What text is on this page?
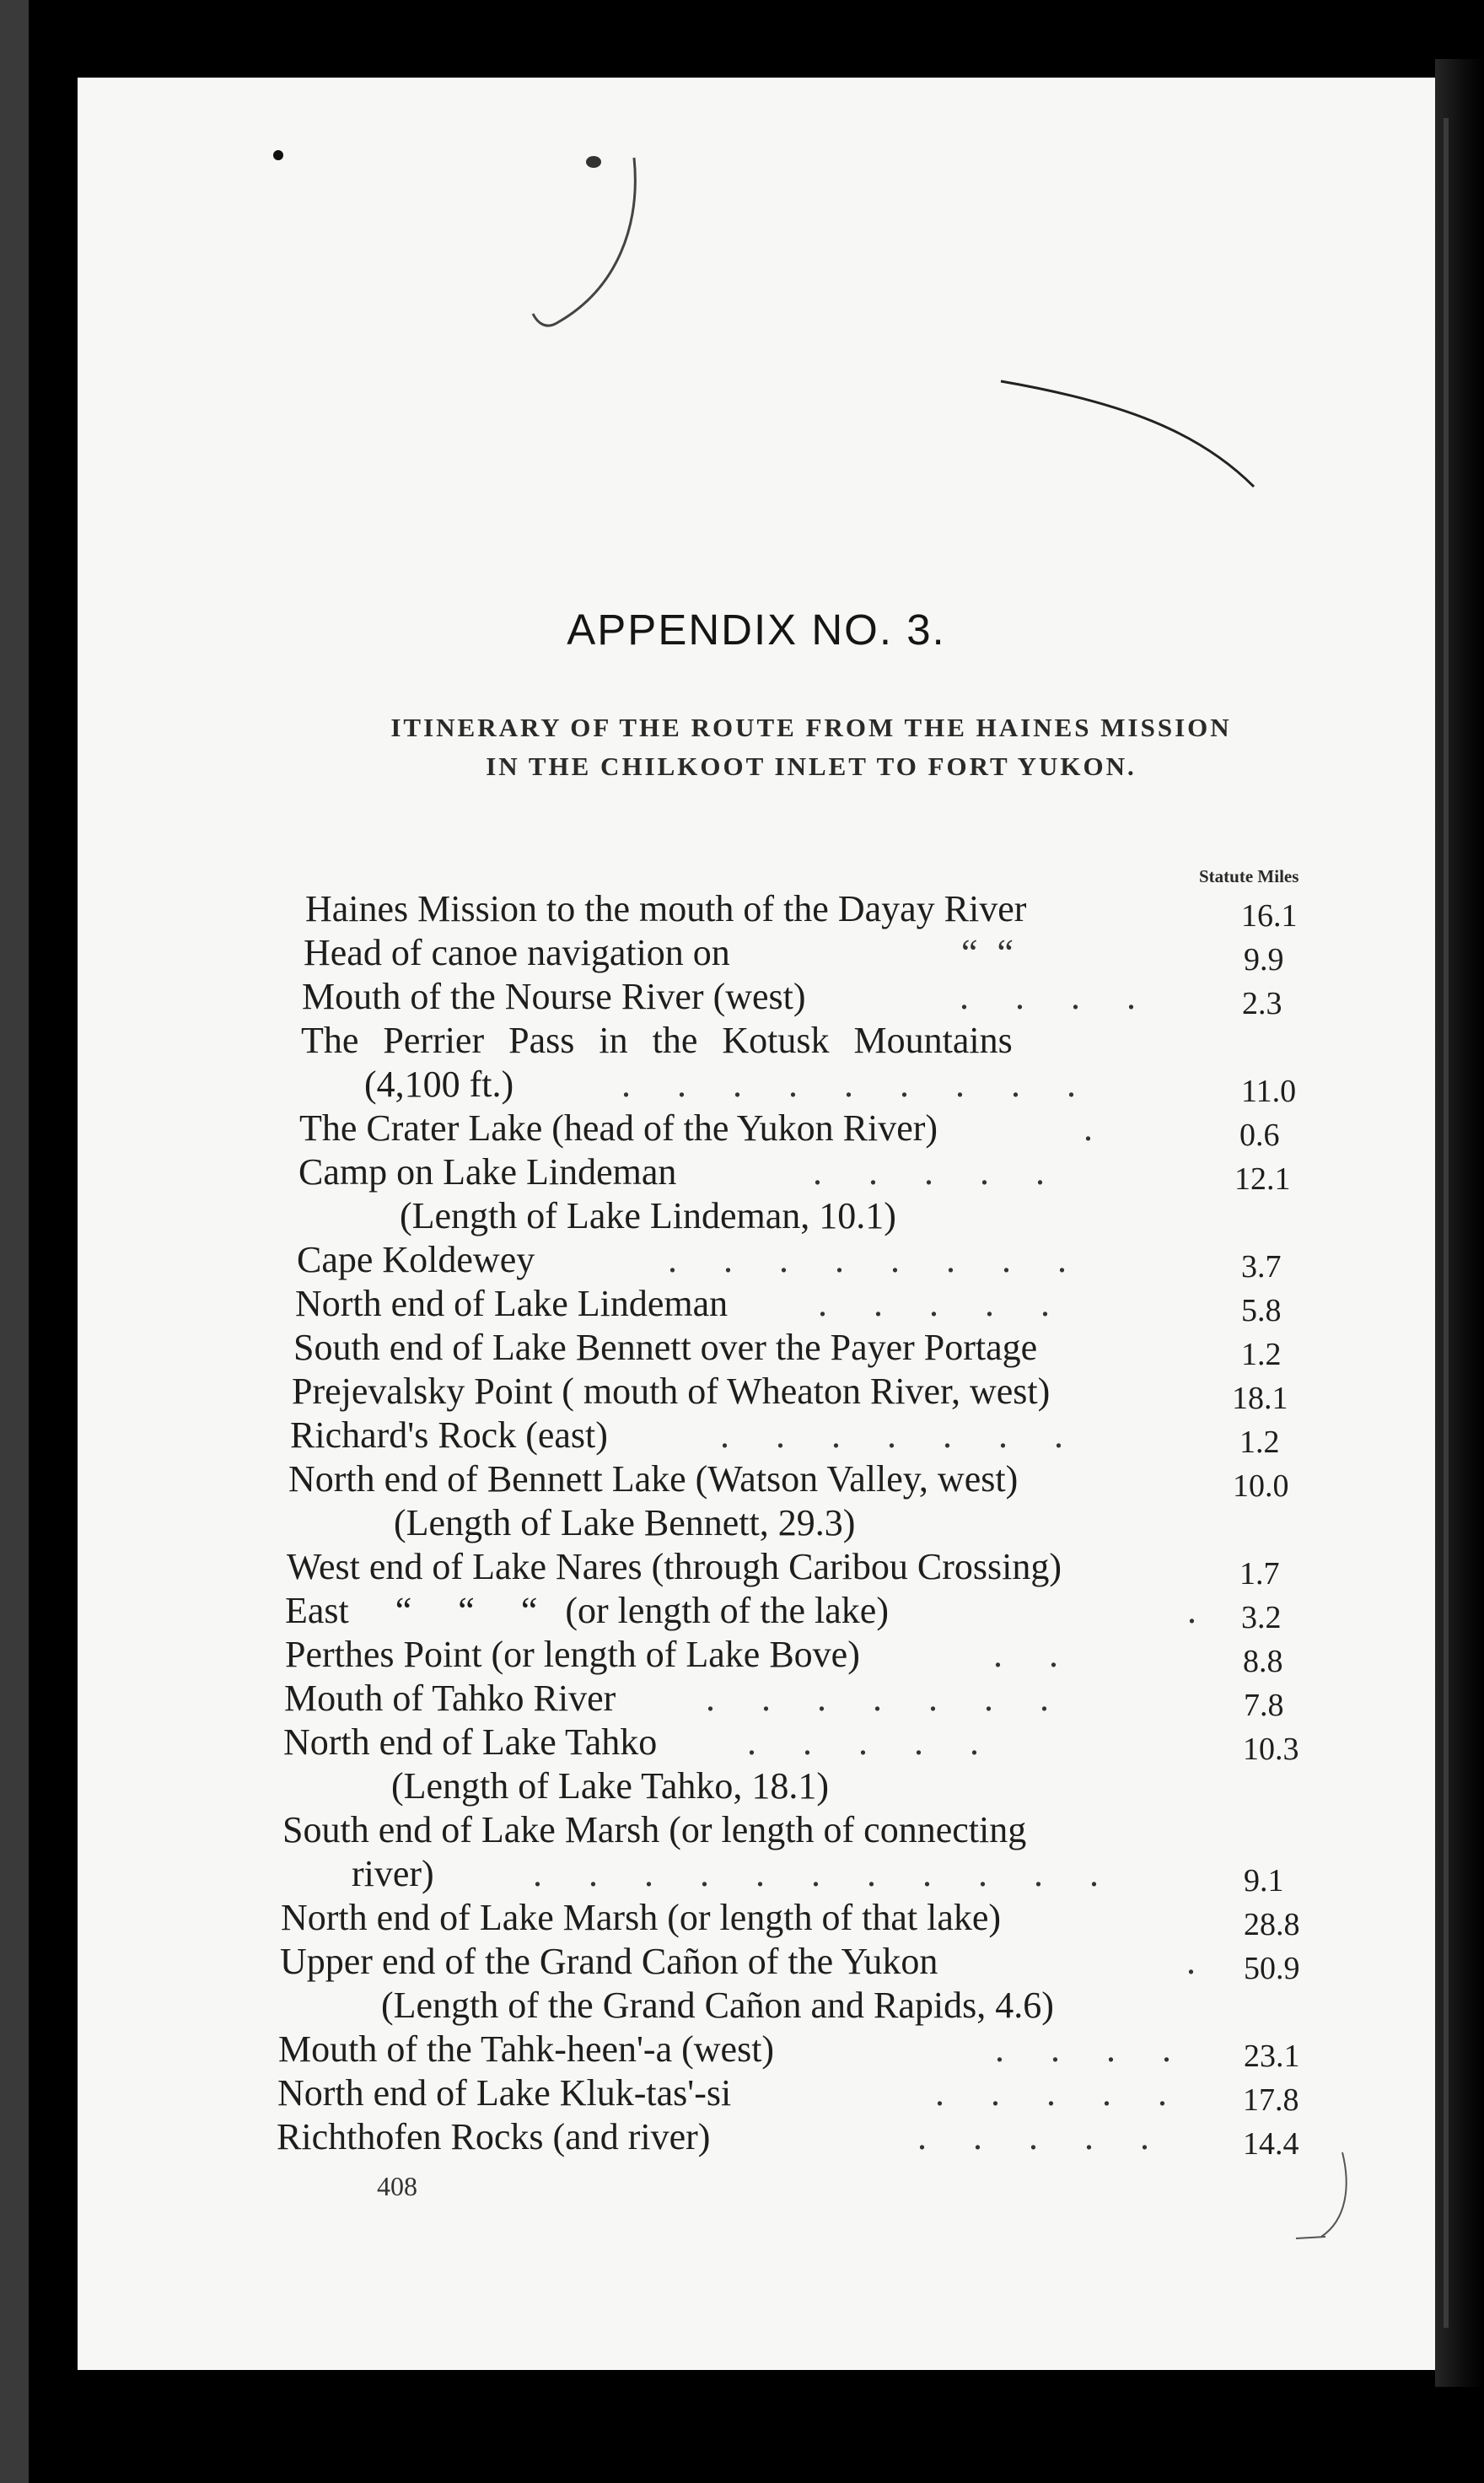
APPENDIX NO. 3.
ITINERARY OF THE ROUTE FROM THE HAINES MISSION
IN THE CHILKOOT INLET TO FORT YUKON.
Statute Miles
Haines Mission to the mouth of the Dayay River	16.1
Head of canoe navigation on	“ “	9.9
Mouth of the Nourse River (west)	. . . .	2.3
The Perrier Pass in the Kotusk Mountains
(4,100 ft.)	. . . . . . . . .	11.0
The Crater Lake (head of the Yukon River)	.	0.6
Camp on Lake Lindeman	. . . . .	12.1
(Length of Lake Lindeman, 10.1)
Cape Koldewey	. . . . . . . .	3.7
North end of Lake Lindeman . . . . .	5.8
South end of Lake Bennett over the Payer Portage	1.2
Prejevalsky Point ( mouth of Wheaton River, west)	18.1
Richard's Rock (east)	. . . . . . .	1.2
North end of Bennett Lake (Watson Valley, west)	10.0
(Length of Lake Bennett, 29.3)
West end of Lake Nares (through Caribou Crossing)	1.7
East     “     “     “   (or length of the lake)	. 3.2
Perthes Point (or length of Lake Bove)	. .	8.8
Mouth of Tahko River . . . . . . .	7.8
North end of Lake Tahko . . . . .	10.3
(Length of Lake Tahko, 18.1)
South end of Lake Marsh (or length of connecting
river)	. . . . . . . . . . .	9.1
North end of Lake Marsh (or length of that lake)	28.8
Upper end of the Grand Cañon of the Yukon	. 50.9
(Length of the Grand Cañon and Rapids, 4.6)
Mouth of the Tahk-heen'-a (west)	. . . . 23.1
North end of Lake Kluk-tas'-si	. . . . . 17.8
Richthofen Rocks (and river)	. . . . . 14.4
408
